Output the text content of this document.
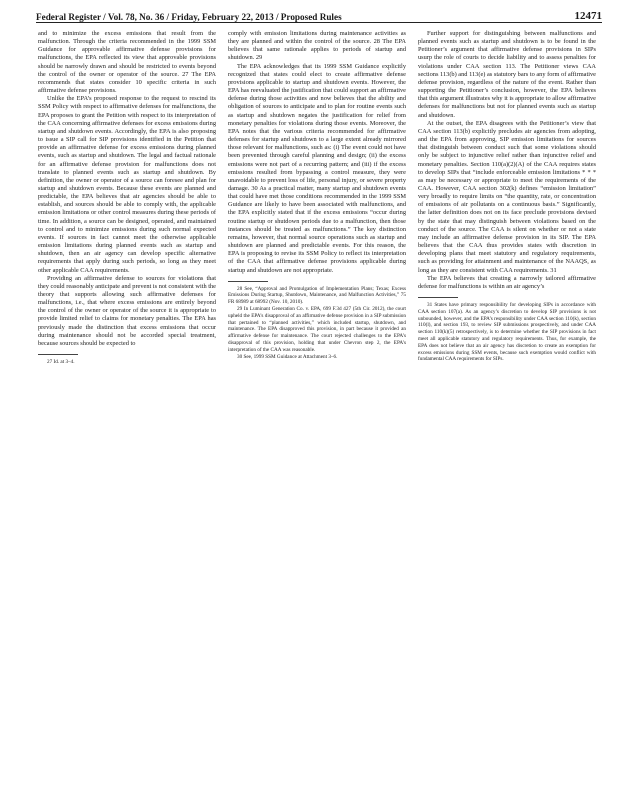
Federal Register / Vol. 78, No. 36 / Friday, February 22, 2013 / Proposed Rules	12471

and to minimize the excess emissions that result from the malfunction. Through the criteria recommended in the 1999 SSM Guidance for approvable affirmative defense provisions for malfunctions, the EPA reflected its view that approvable provisions should be narrowly drawn and should be restricted to events beyond the control of the owner or operator of the source. 27 The EPA recommends that states consider 10 specific criteria in such affirmative defense provisions.

Unlike the EPA’s proposed response to the request to rescind its SSM Policy with respect to affirmative defenses for malfunctions, the EPA proposes to grant the Petition with respect to its interpretation of the CAA concerning affirmative defenses for excess emissions during startup and shutdown events. Accordingly, the EPA is also proposing to issue a SIP call for SIP provisions identified in the Petition that provide an affirmative defense for excess emissions during planned events, such as startup and shutdown. The legal and factual rationale for an affirmative defense provision for malfunctions does not translate to planned events such as startup and shutdown. By definition, the owner or operator of a source can foresee and plan for startup and shutdown events. Because these events are planned and predictable, the EPA believes that air agencies should be able to establish, and sources should be able to comply with, the applicable emission limitations or other control measures during these periods of time. In addition, a source can be designed, operated, and maintained to control and to minimize emissions during such normal expected events. If sources in fact cannot meet the otherwise applicable emission limitations during planned events such as startup and shutdown, then an air agency can develop specific alternative requirements that apply during such periods, so long as they meet other applicable CAA requirements.

Providing an affirmative defense to sources for violations that they could reasonably anticipate and prevent is not consistent with the theory that supports allowing such affirmative defenses for malfunctions, i.e., that where excess emissions are entirely beyond the control of the owner or operator of the source it is appropriate to provide limited relief to claims for monetary penalties. The EPA has previously made the distinction that excess emissions that occur during maintenance should not be accorded special treatment, because sources should be expected to

27 Id. at 3–4.

comply with emission limitations during maintenance activities as they are planned and within the control of the source. 28 The EPA believes that same rationale applies to periods of startup and shutdown. 29

The EPA acknowledges that its 1999 SSM Guidance explicitly recognized that states could elect to create affirmative defense provisions applicable to startup and shutdown events. However, the EPA has reevaluated the justification that could support an affirmative defense during those activities and now believes that the ability and obligation of sources to anticipate and to plan for routine events such as startup and shutdown negates the justification for relief from monetary penalties for violations during those events. Moreover, the EPA notes that the various criteria recommended for affirmative defenses for startup and shutdown to a large extent already mirrored those relevant for malfunctions, such as: (i) The event could not have been prevented through careful planning and design; (ii) the excess emissions were not part of a recurring pattern; and (iii) if the excess emissions resulted from bypassing a control measure, they were unavoidable to prevent loss of life, personal injury, or severe property damage. 30 As a practical matter, many startup and shutdown events that could have met those conditions recommended in the 1999 SSM Guidance are likely to have been associated with malfunctions, and the EPA explicitly stated that if the excess emissions “occur during routine startup or shutdown periods due to a malfunction, then those instances should be treated as malfunctions.” The key distinction remains, however, that normal source operations such as startup and shutdown are planned and predictable events. For this reason, the EPA is proposing to revise its SSM Policy to reflect its interpretation of the CAA that affirmative defense provisions applicable during startup and shutdown are not appropriate.

28 See, “Approval and Promulgation of Implementation Plans; Texas; Excess Emissions During Startup, Shutdown, Maintenance, and Malfunction Activities,” 75 FR 68989 at 68992 (Nov. 10, 2010).

29 In Luminant Generation Co. v. EPA, 699 F.3d 427 (5th Cir. 2012), the court upheld the EPA’s disapproval of an affirmative defense provision in a SIP submission that pertained to “planned activities,” which included startup, shutdown, and maintenance. The EPA disapproved this provision, in part because it provided an affirmative defense for maintenance. The court rejected challenges to the EPA’s disapproval of this provision, holding that under Chevron step 2, the EPA’s interpretation of the CAA was reasonable.

30 See, 1999 SSM Guidance at Attachment 3–6.

Further support for distinguishing between malfunctions and planned events such as startup and shutdown is to be found in the Petitioner’s argument that affirmative defense provisions in SIPs usurp the role of courts to decide liability and to assess penalties for violations under CAA section 113. The Petitioner views CAA sections 113(b) and 113(e) as statutory bars to any form of affirmative defense provision, regardless of the nature of the event. Rather than supporting the Petitioner’s conclusion, however, the EPA believes that this argument illustrates why it is appropriate to allow affirmative defenses for malfunctions but not for planned events such as startup and shutdown.

At the outset, the EPA disagrees with the Petitioner’s view that CAA section 113(b) explicitly precludes air agencies from adopting, and the EPA from approving, SIP emission limitations for sources that distinguish between conduct such that some violations should only be subject to injunctive relief rather than injunctive relief and monetary penalties. Section 110(a)(2)(A) of the CAA requires states to develop SIPs that “include enforceable emission limitations * * * as may be necessary or appropriate to meet the requirements of the CAA. However, CAA section 302(k) defines “emission limitation” very broadly to require limits on “the quantity, rate, or concentration of emissions of air pollutants on a continuous basis.” Significantly, the latter definition does not on its face preclude provisions devised by the state that may distinguish between violations based on the conduct of the source. The CAA is silent on whether or not a state may include an affirmative defense provision in its SIP. The EPA believes that the CAA thus provides states with discretion in developing plans that meet statutory and regulatory requirements, such as providing for attainment and maintenance of the NAAQS, as long as they are consistent with CAA requirements. 31

The EPA believes that creating a narrowly tailored affirmative defense for malfunctions is within an air agency’s

31 States have primary responsibility for developing SIPs in accordance with CAA section 107(a). As an agency’s discretion to develop SIP provisions is not unbounded, however, and the EPA’s responsibility under CAA section 110(k), section 110(l), and section 193, to review SIP submissions prospectively, and under CAA section 110(k)(5) retrospectively, is to determine whether the SIP provisions in fact meet all applicable statutory and regulatory requirements. Thus, for example, the EPA does not believe that an air agency has discretion to create an exemption for excess emissions during SSM events, because such exemption would conflict with fundamental CAA requirements for SIPs.
